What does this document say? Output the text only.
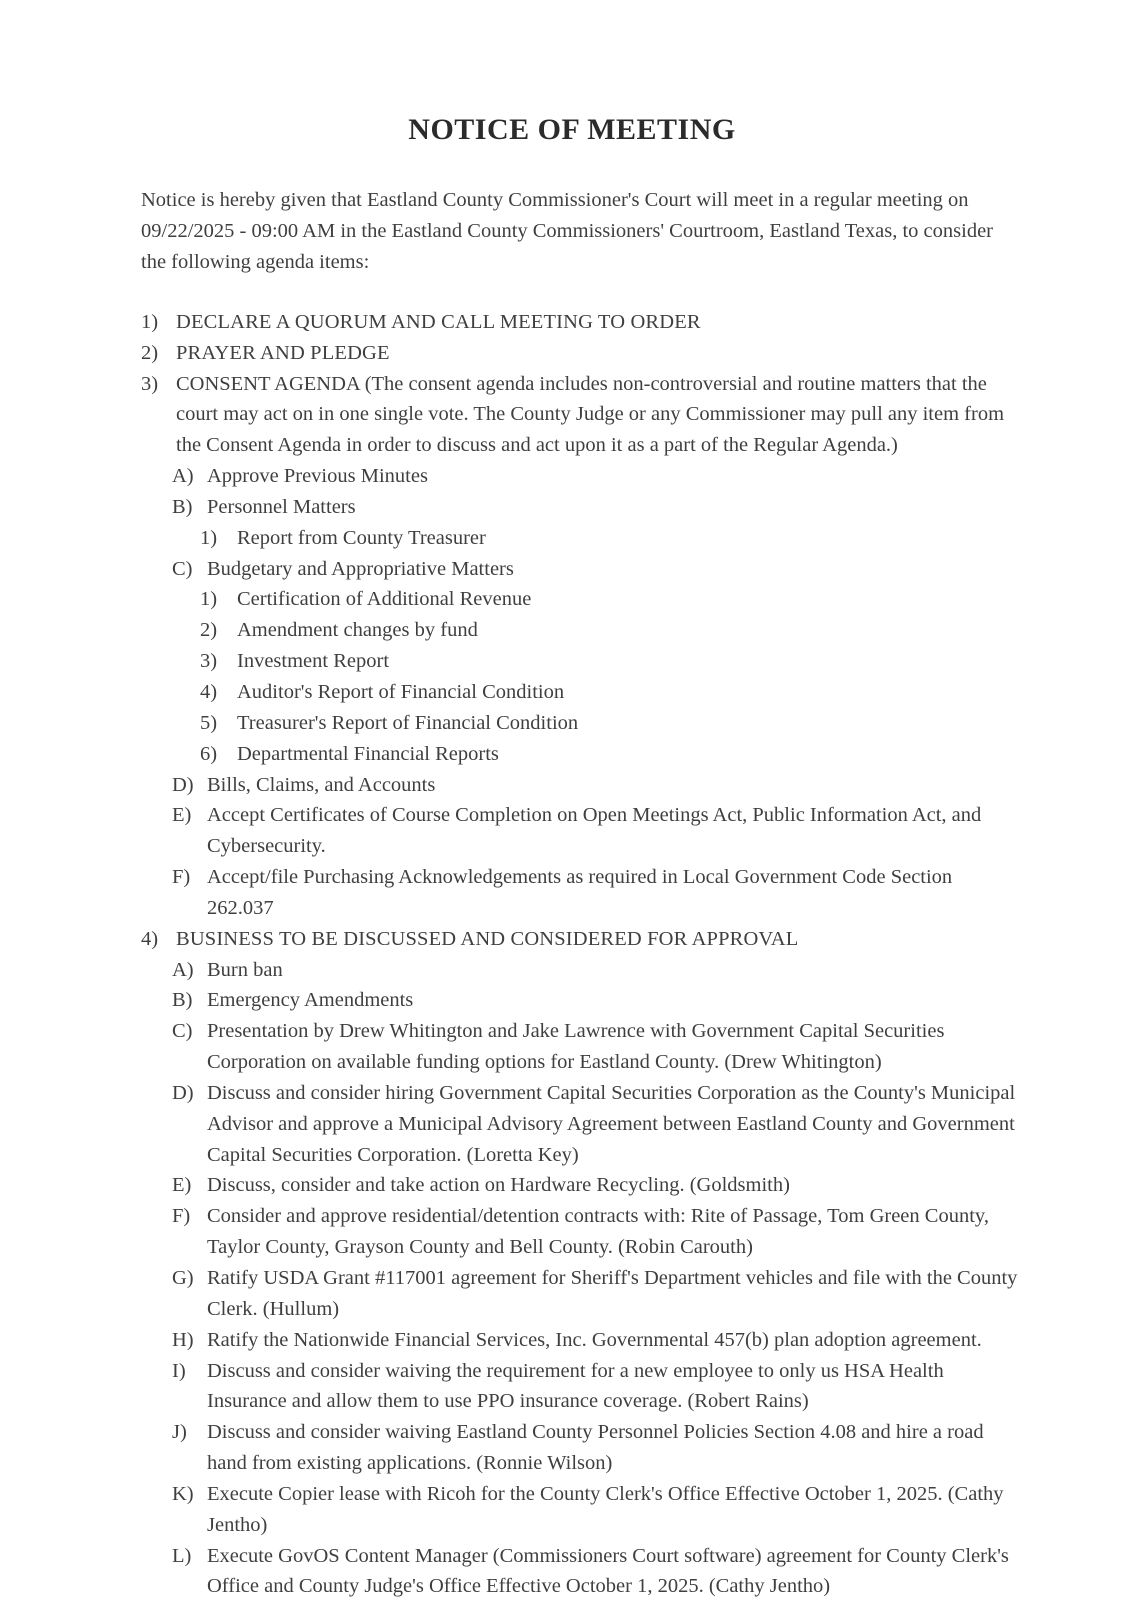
NOTICE OF MEETING

Notice is hereby given that Eastland County Commissioner's Court will meet in a regular meeting on 09/22/2025 - 09:00 AM in the Eastland County Commissioners' Courtroom, Eastland Texas, to consider the following agenda items:

1) DECLARE A QUORUM AND CALL MEETING TO ORDER
2) PRAYER AND PLEDGE
3) CONSENT AGENDA (The consent agenda includes non-controversial and routine matters that the court may act on in one single vote. The County Judge or any Commissioner may pull any item from the Consent Agenda in order to discuss and act upon it as a part of the Regular Agenda.)
A) Approve Previous Minutes
B) Personnel Matters
1) Report from County Treasurer
C) Budgetary and Appropriative Matters
1) Certification of Additional Revenue
2) Amendment changes by fund
3) Investment Report
4) Auditor's Report of Financial Condition
5) Treasurer's Report of Financial Condition
6) Departmental Financial Reports
D) Bills, Claims, and Accounts
E) Accept Certificates of Course Completion on Open Meetings Act, Public Information Act, and Cybersecurity.
F) Accept/file Purchasing Acknowledgements as required in Local Government Code Section 262.037
4) BUSINESS TO BE DISCUSSED AND CONSIDERED FOR APPROVAL
A) Burn ban
B) Emergency Amendments
C) Presentation by Drew Whitington and Jake Lawrence with Government Capital Securities Corporation on available funding options for Eastland County. (Drew Whitington)
D) Discuss and consider hiring Government Capital Securities Corporation as the County's Municipal Advisor and approve a Municipal Advisory Agreement between Eastland County and Government Capital Securities Corporation. (Loretta Key)
E) Discuss, consider and take action on Hardware Recycling. (Goldsmith)
F) Consider and approve residential/detention contracts with: Rite of Passage, Tom Green County, Taylor County, Grayson County and Bell County. (Robin Carouth)
G) Ratify USDA Grant #117001 agreement for Sheriff's Department vehicles and file with the County Clerk. (Hullum)
H) Ratify the Nationwide Financial Services, Inc. Governmental 457(b) plan adoption agreement.
I)	Discuss and consider waiving the requirement for a new employee to only us HSA Health Insurance and allow them to use PPO insurance coverage. (Robert Rains)
J) Discuss and consider waiving Eastland County Personnel Policies Section 4.08 and hire a road hand from existing applications. (Ronnie Wilson)
K) Execute Copier lease with Ricoh for the County Clerk's Office Effective October 1, 2025. (Cathy Jentho)
L) Execute GovOS Content Manager (Commissioners Court software) agreement for County Clerk's Office and County Judge's Office Effective October 1, 2025. (Cathy Jentho)
